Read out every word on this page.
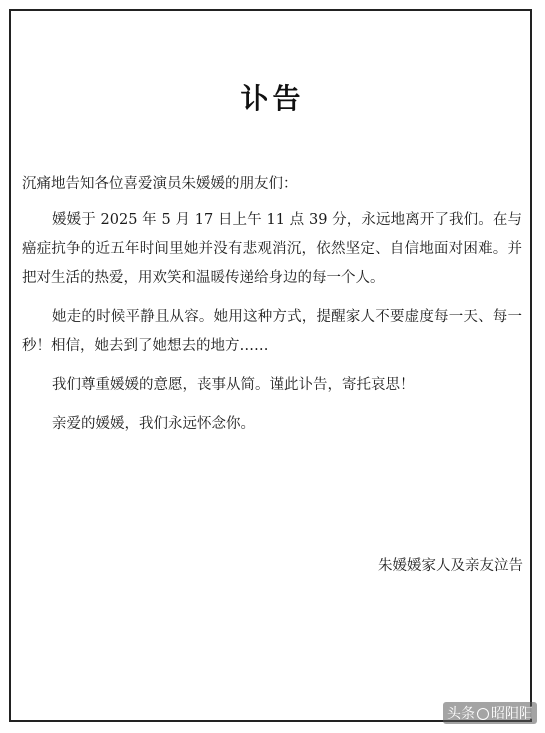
讣告

沉痛地告知各位喜爱演员朱媛媛的朋友们：

媛媛于 2025 年 5 月 17 日上午 11 点 39 分，永远地离开了我们。在与癌症抗争的近五年时间里她并没有悲观消沉，依然坚定、自信地面对困难。并把对生活的热爱，用欢笑和温暖传递给身边的每一个人。

她走的时候平静且从容。她用这种方式，提醒家人不要虚度每一天、每一秒！相信，她去到了她想去的地方……

我们尊重媛媛的意愿，丧事从简。谨此讣告，寄托哀思！

亲爱的媛媛，我们永远怀念你。

朱媛媛家人及亲友泣告
头条 昭阳阳
